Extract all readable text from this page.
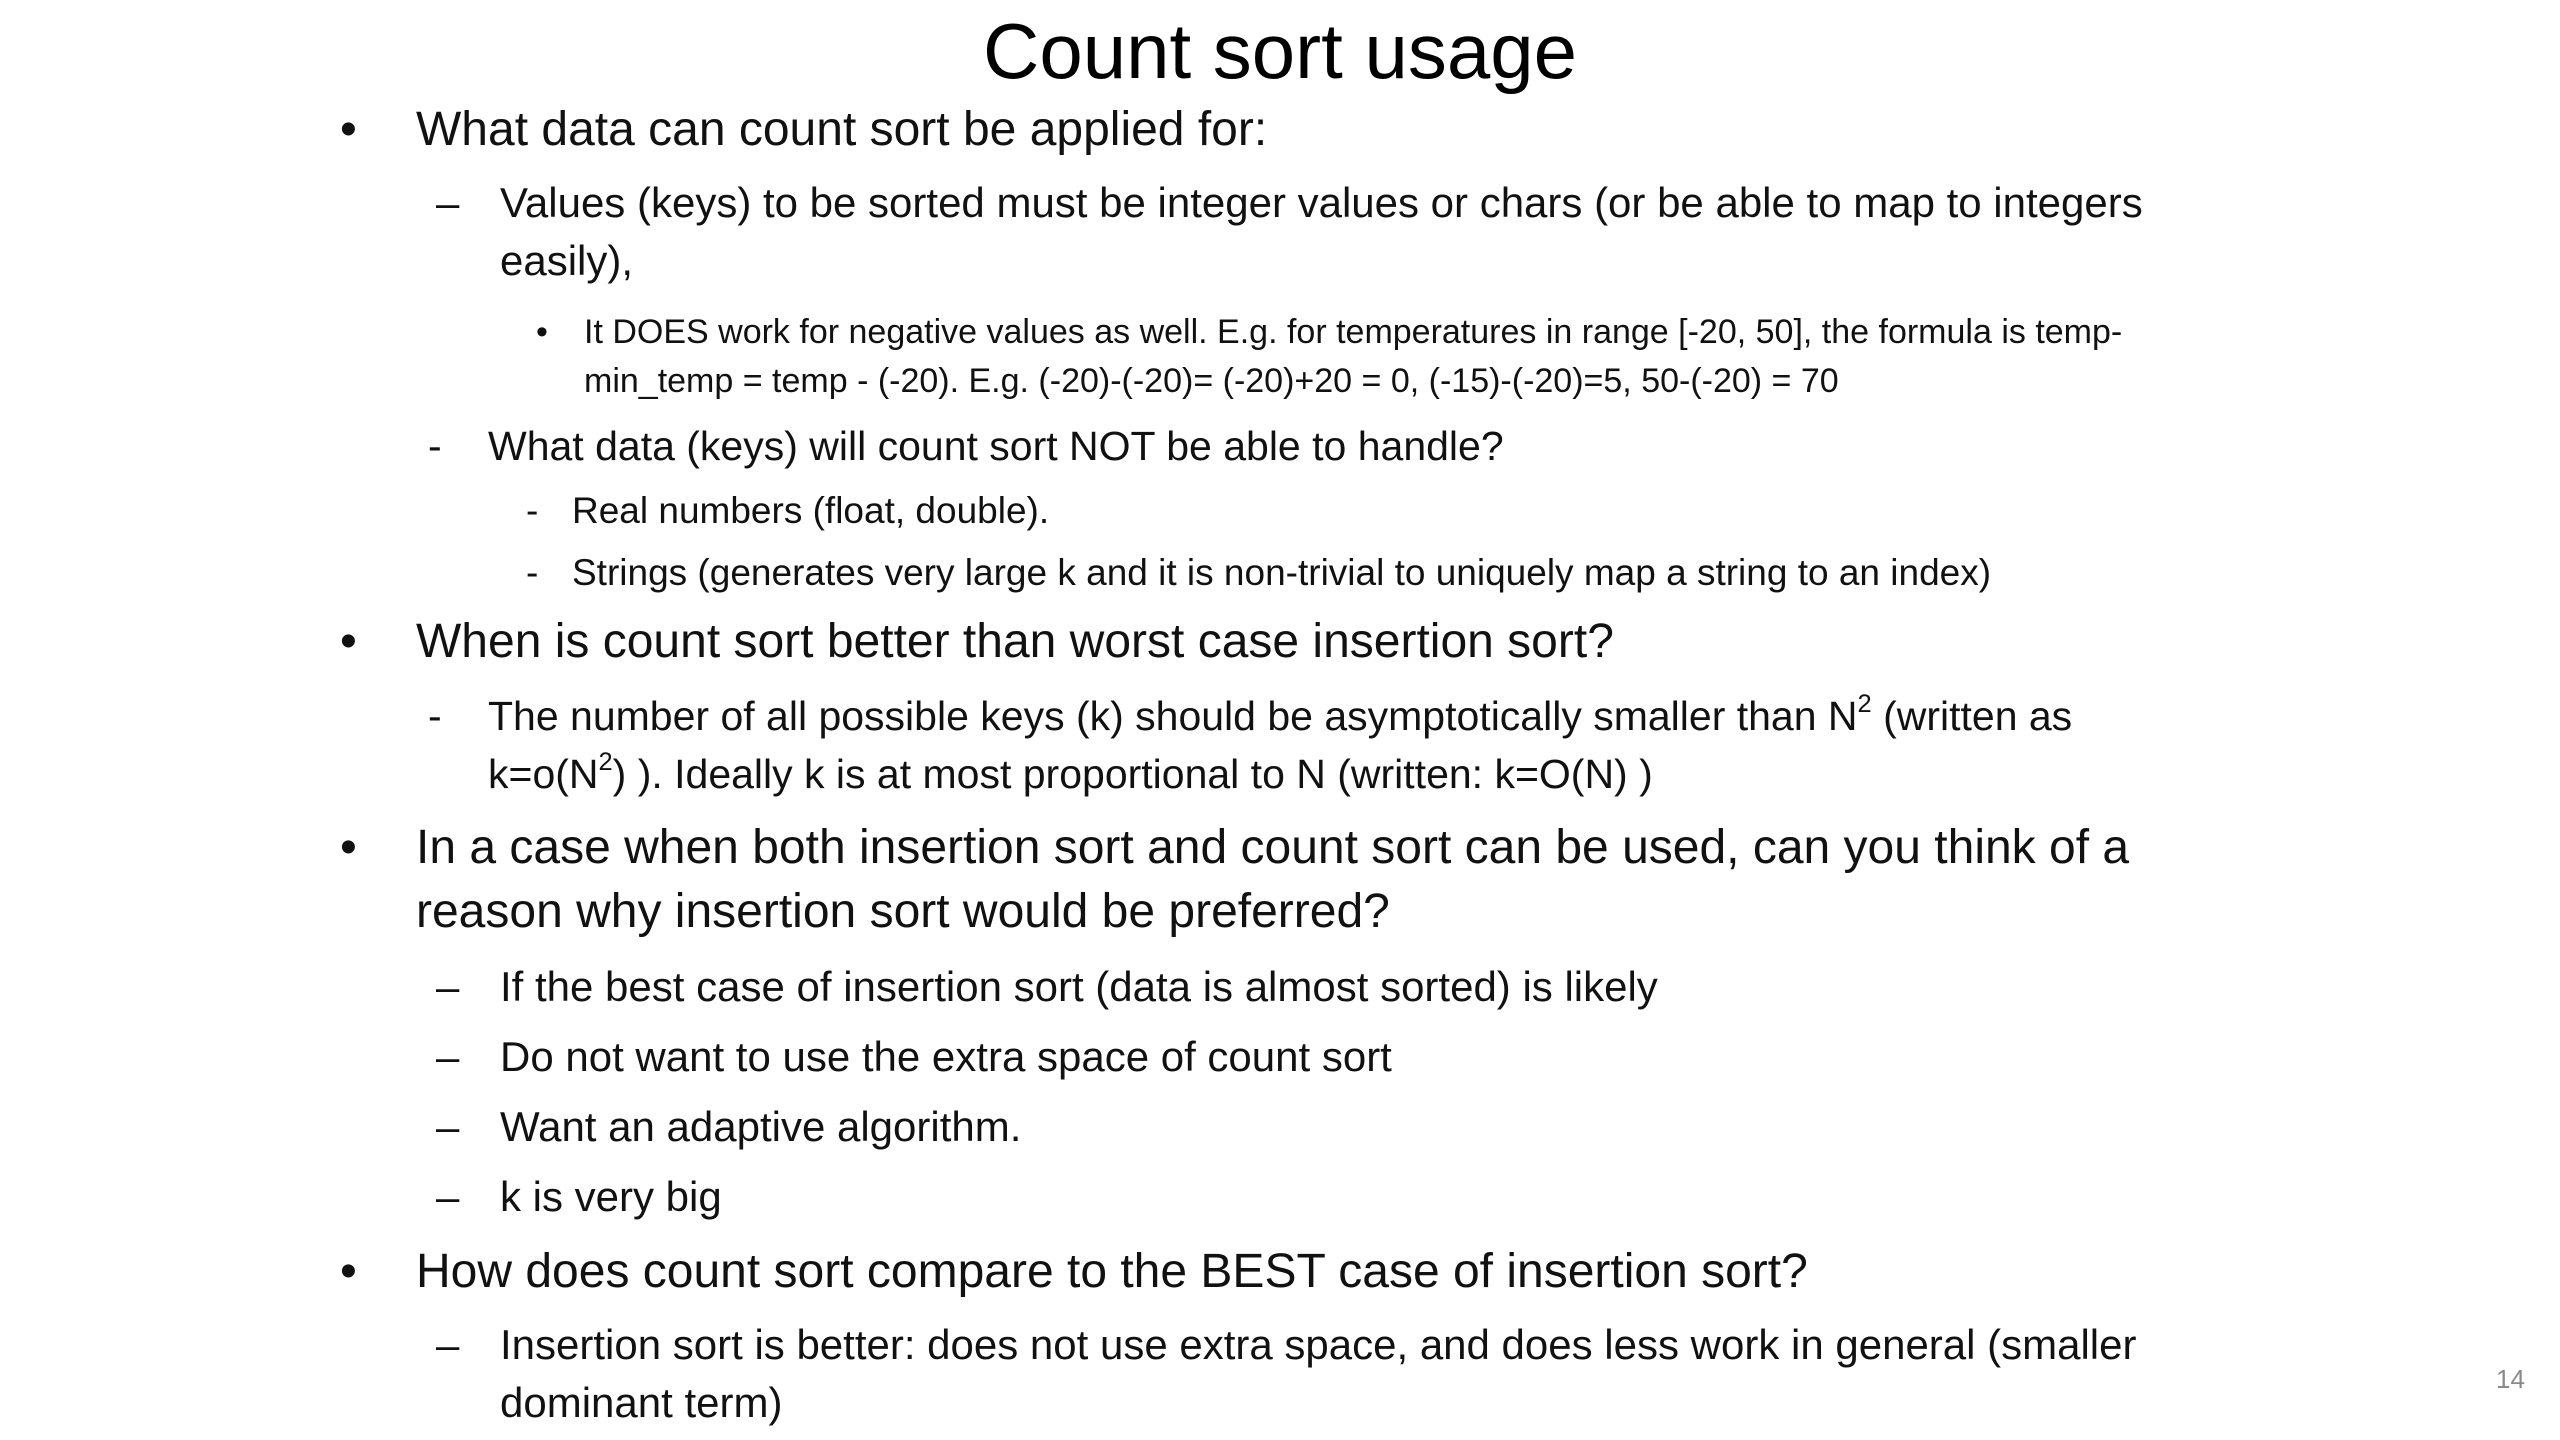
Count sort usage
• What data can count sort be applied for:
– Values (keys) to be sorted must be integer values or chars (or be able to map to integers
easily),
• It DOES work for negative values as well. E.g. for temperatures in range [-20, 50], the formula is temp-
min_temp = temp - (-20). E.g. (-20)-(-20)= (-20)+20 = 0, (-15)-(-20)=5, 50-(-20) = 70
- What data (keys) will count sort NOT be able to handle?
- Real numbers (float, double).
- Strings (generates very large k and it is non-trivial to uniquely map a string to an index)
• When is count sort better than worst case insertion sort?
- The number of all possible keys (k) should be asymptotically smaller than $N^2$ (written as
$k=o(N^2)$ ). Ideally k is at most proportional to N (written: k=O(N) )
• In a case when both insertion sort and count sort can be used, can you think of a
reason why insertion sort would be preferred?
– If the best case of insertion sort (data is almost sorted) is likely
– Do not want to use the extra space of count sort
– Want an adaptive algorithm.
– k is very big
• How does count sort compare to the BEST case of insertion sort?
– Insertion sort is better: does not use extra space, and does less work in general (smaller
dominant term)	14
